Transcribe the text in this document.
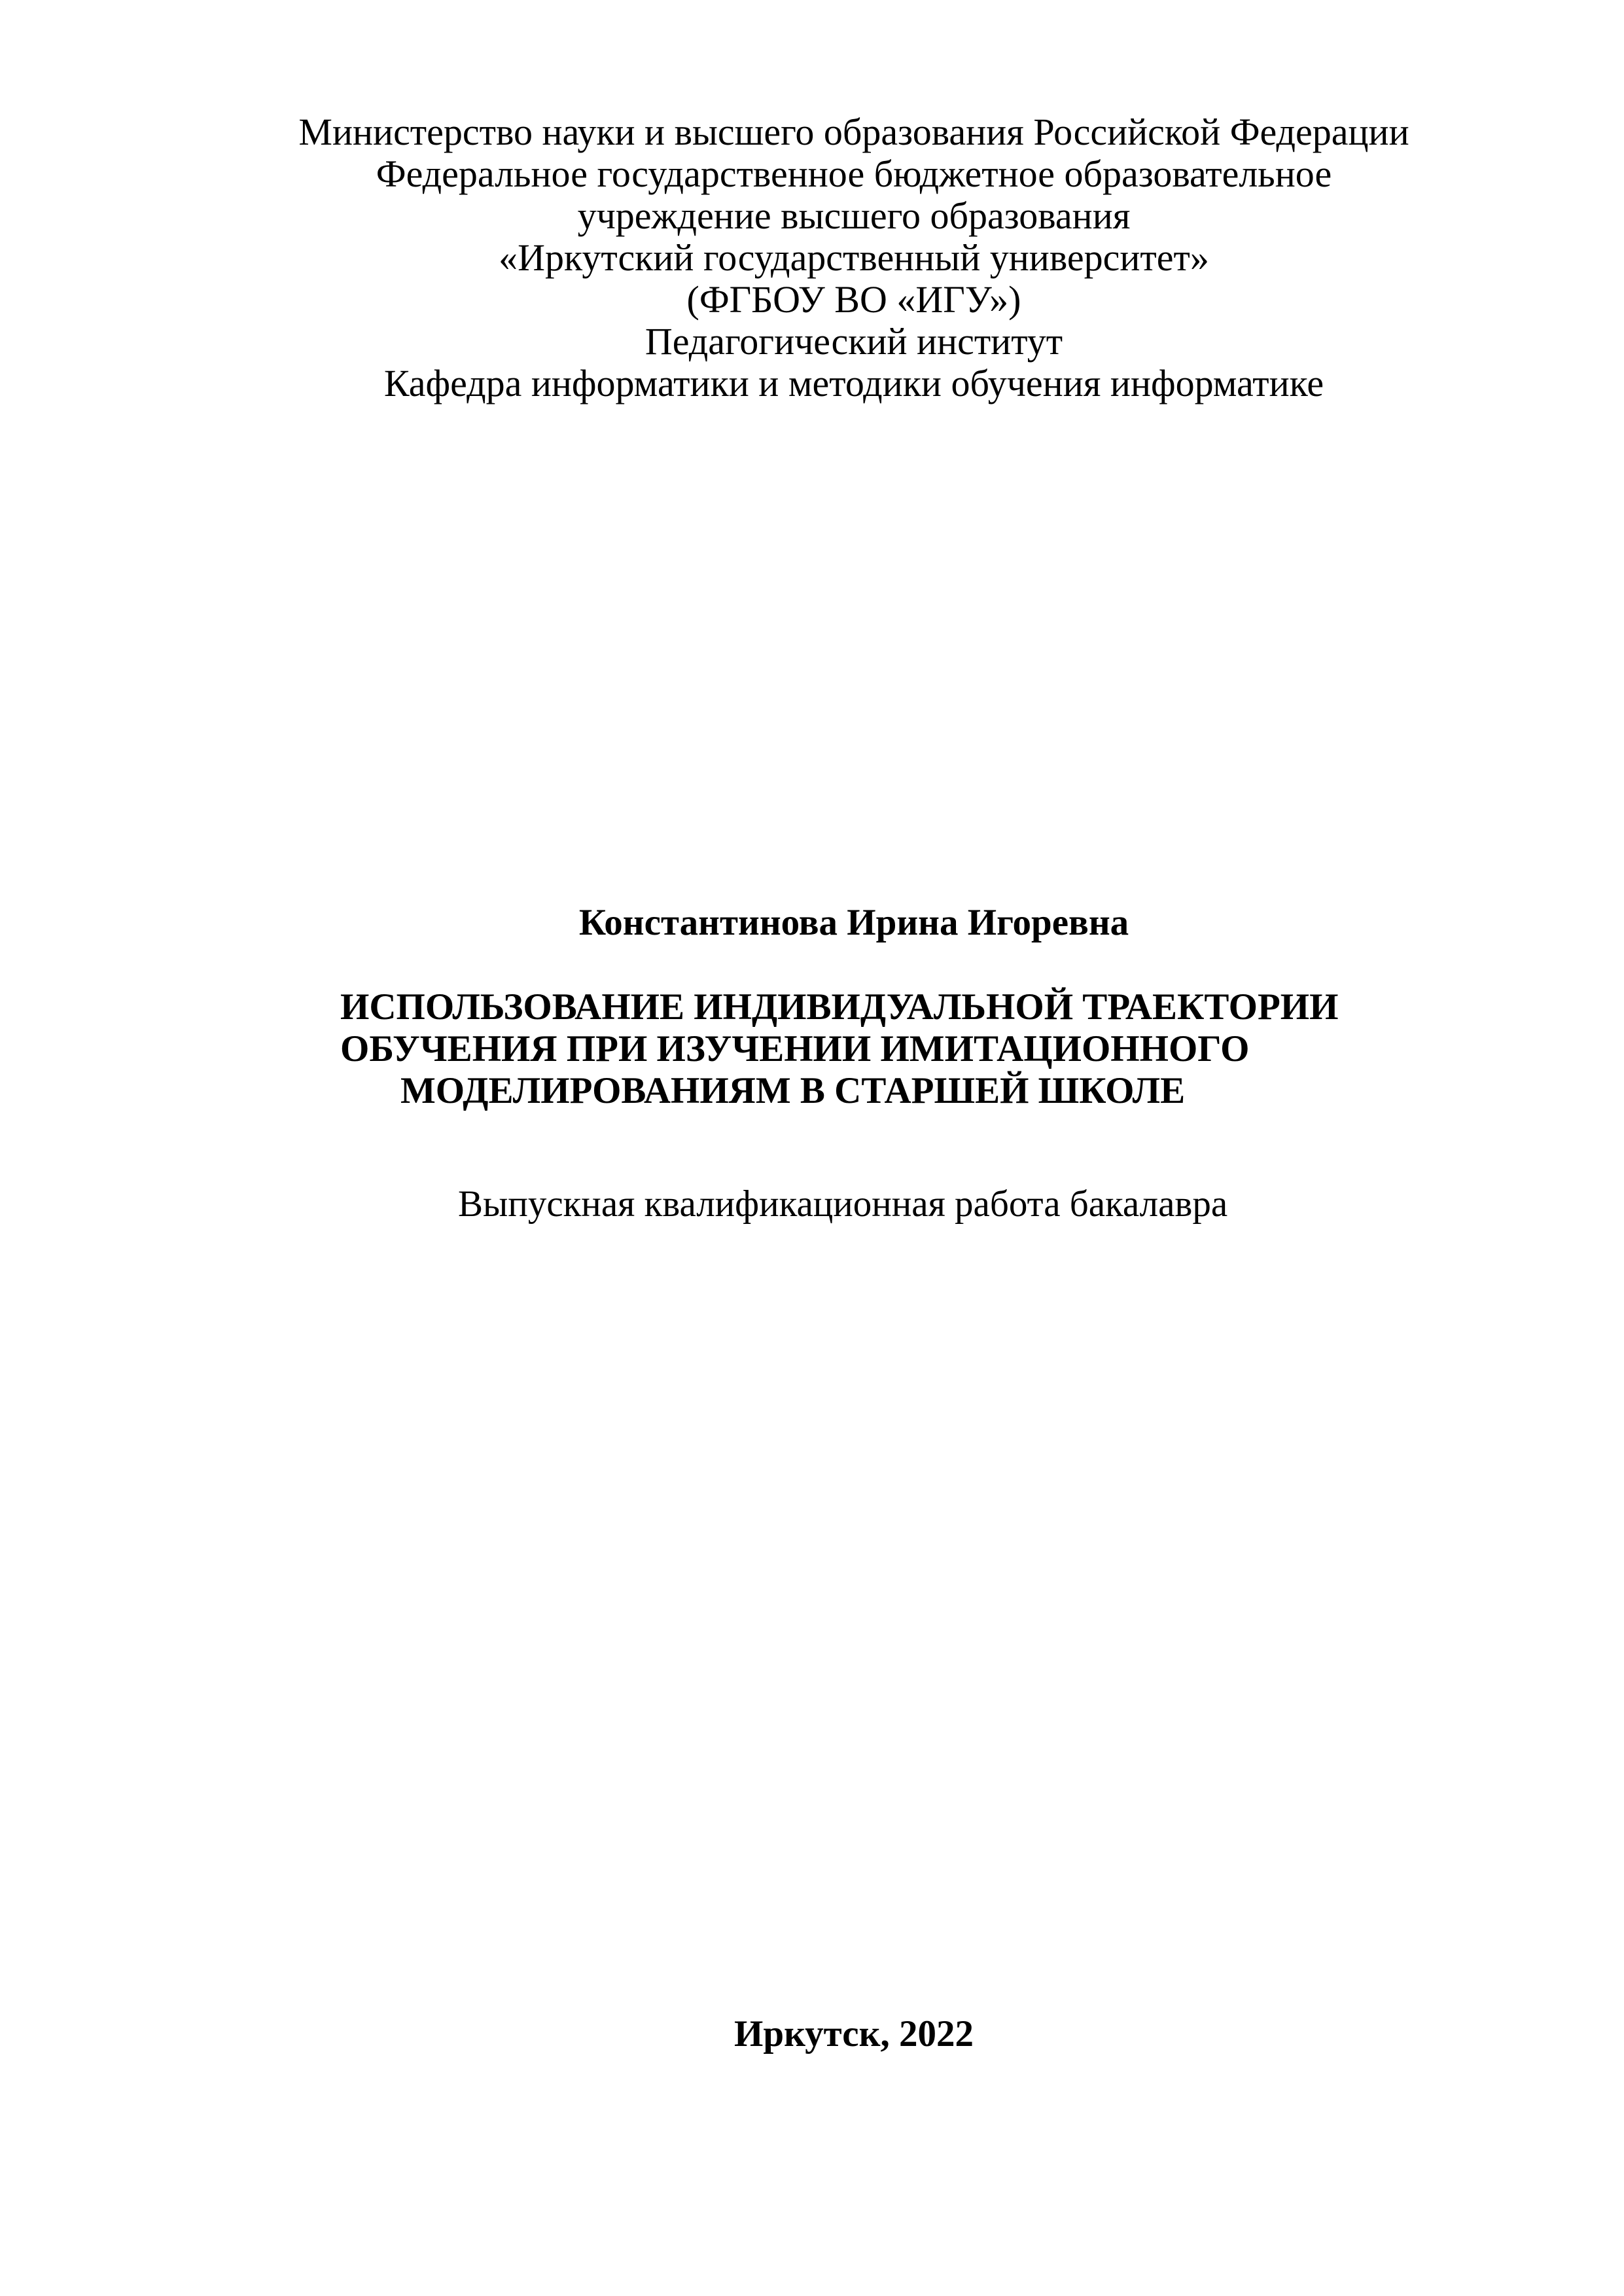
Министерство науки и высшего образования Российской Федерации

Федеральное государственное бюджетное образовательное

учреждение высшего образования

«Иркутский государственный университет»

(ФГБОУ ВО «ИГУ»)

Педагогический институт

Кафедра информатики и методики обучения информатике

Константинова Ирина Игоревна
ИСПОЛЬЗОВАНИЕ ИНДИВИДУАЛЬНОЙ ТРАЕКТОРИИ
ОБУЧЕНИЯ ПРИ ИЗУЧЕНИИ ИМИТАЦИОННОГО
МОДЕЛИРОВАНИЯМ В СТАРШЕЙ ШКОЛЕ
Выпускная квалификационная работа бакалавра
Иркутск, 2022
